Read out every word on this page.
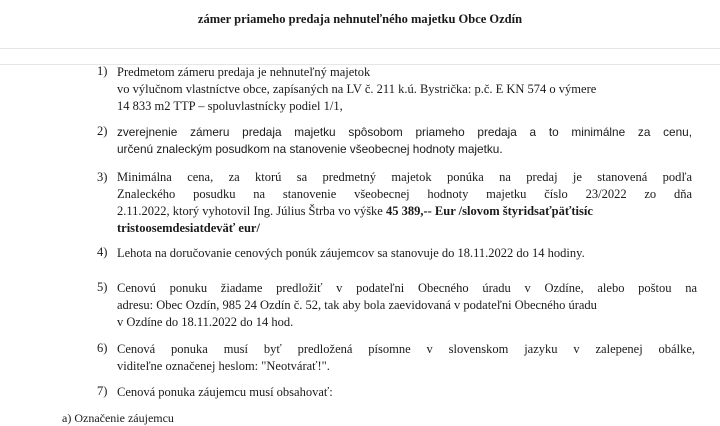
zámer priameho predaja nehnuteľného majetku Obce Ozdín
1) Predmetom zámeru predaja je nehnuteľný majetok
vo výlučnom vlastníctve obce, zapísaných na LV č. 211 k.ú. Bystrička: p.č. E KN 574 o výmere
14 833 m2 TTP – spoluvlastnícky podiel 1/1,
2) zverejnenie zámeru predaja majetku spôsobom priameho predaja a to minimálne za cenu,
určenú znaleckým posudkom na stanovenie všeobecnej hodnoty majetku.
3) Minimálna cena, za ktorú sa predmetný majetok ponúka na predaj je stanovená podľa
Znaleckého posudku na stanovenie všeobecnej hodnoty majetku číslo 23/2022 zo dňa
2.11.2022, ktorý vyhotovil Ing. Július Štrba vo výške 45 389,-- Eur /slovom štyridsaťpäťtisíc
tristoosemdesiatdeväť eur/
4) Lehota na doručovanie cenových ponúk záujemcov sa stanovuje do 18.11.2022 do 14 hodiny.
5) Cenovú ponuku žiadame predložiť v podateľni Obecného úradu v Ozdíne, alebo poštou na
adresu: Obec Ozdín, 985 24 Ozdín č. 52, tak aby bola zaevidovaná v podateľni Obecného úradu
v Ozdíne do 18.11.2022 do 14 hod.
6) Cenová ponuka musí byť predložená písomne v slovenskom jazyku v zalepenej obálke,
viditeľne označenej heslom: "Neotvárať!".
7) Cenová ponuka záujemcu musí obsahovať:
a) Označenie záujemcu
